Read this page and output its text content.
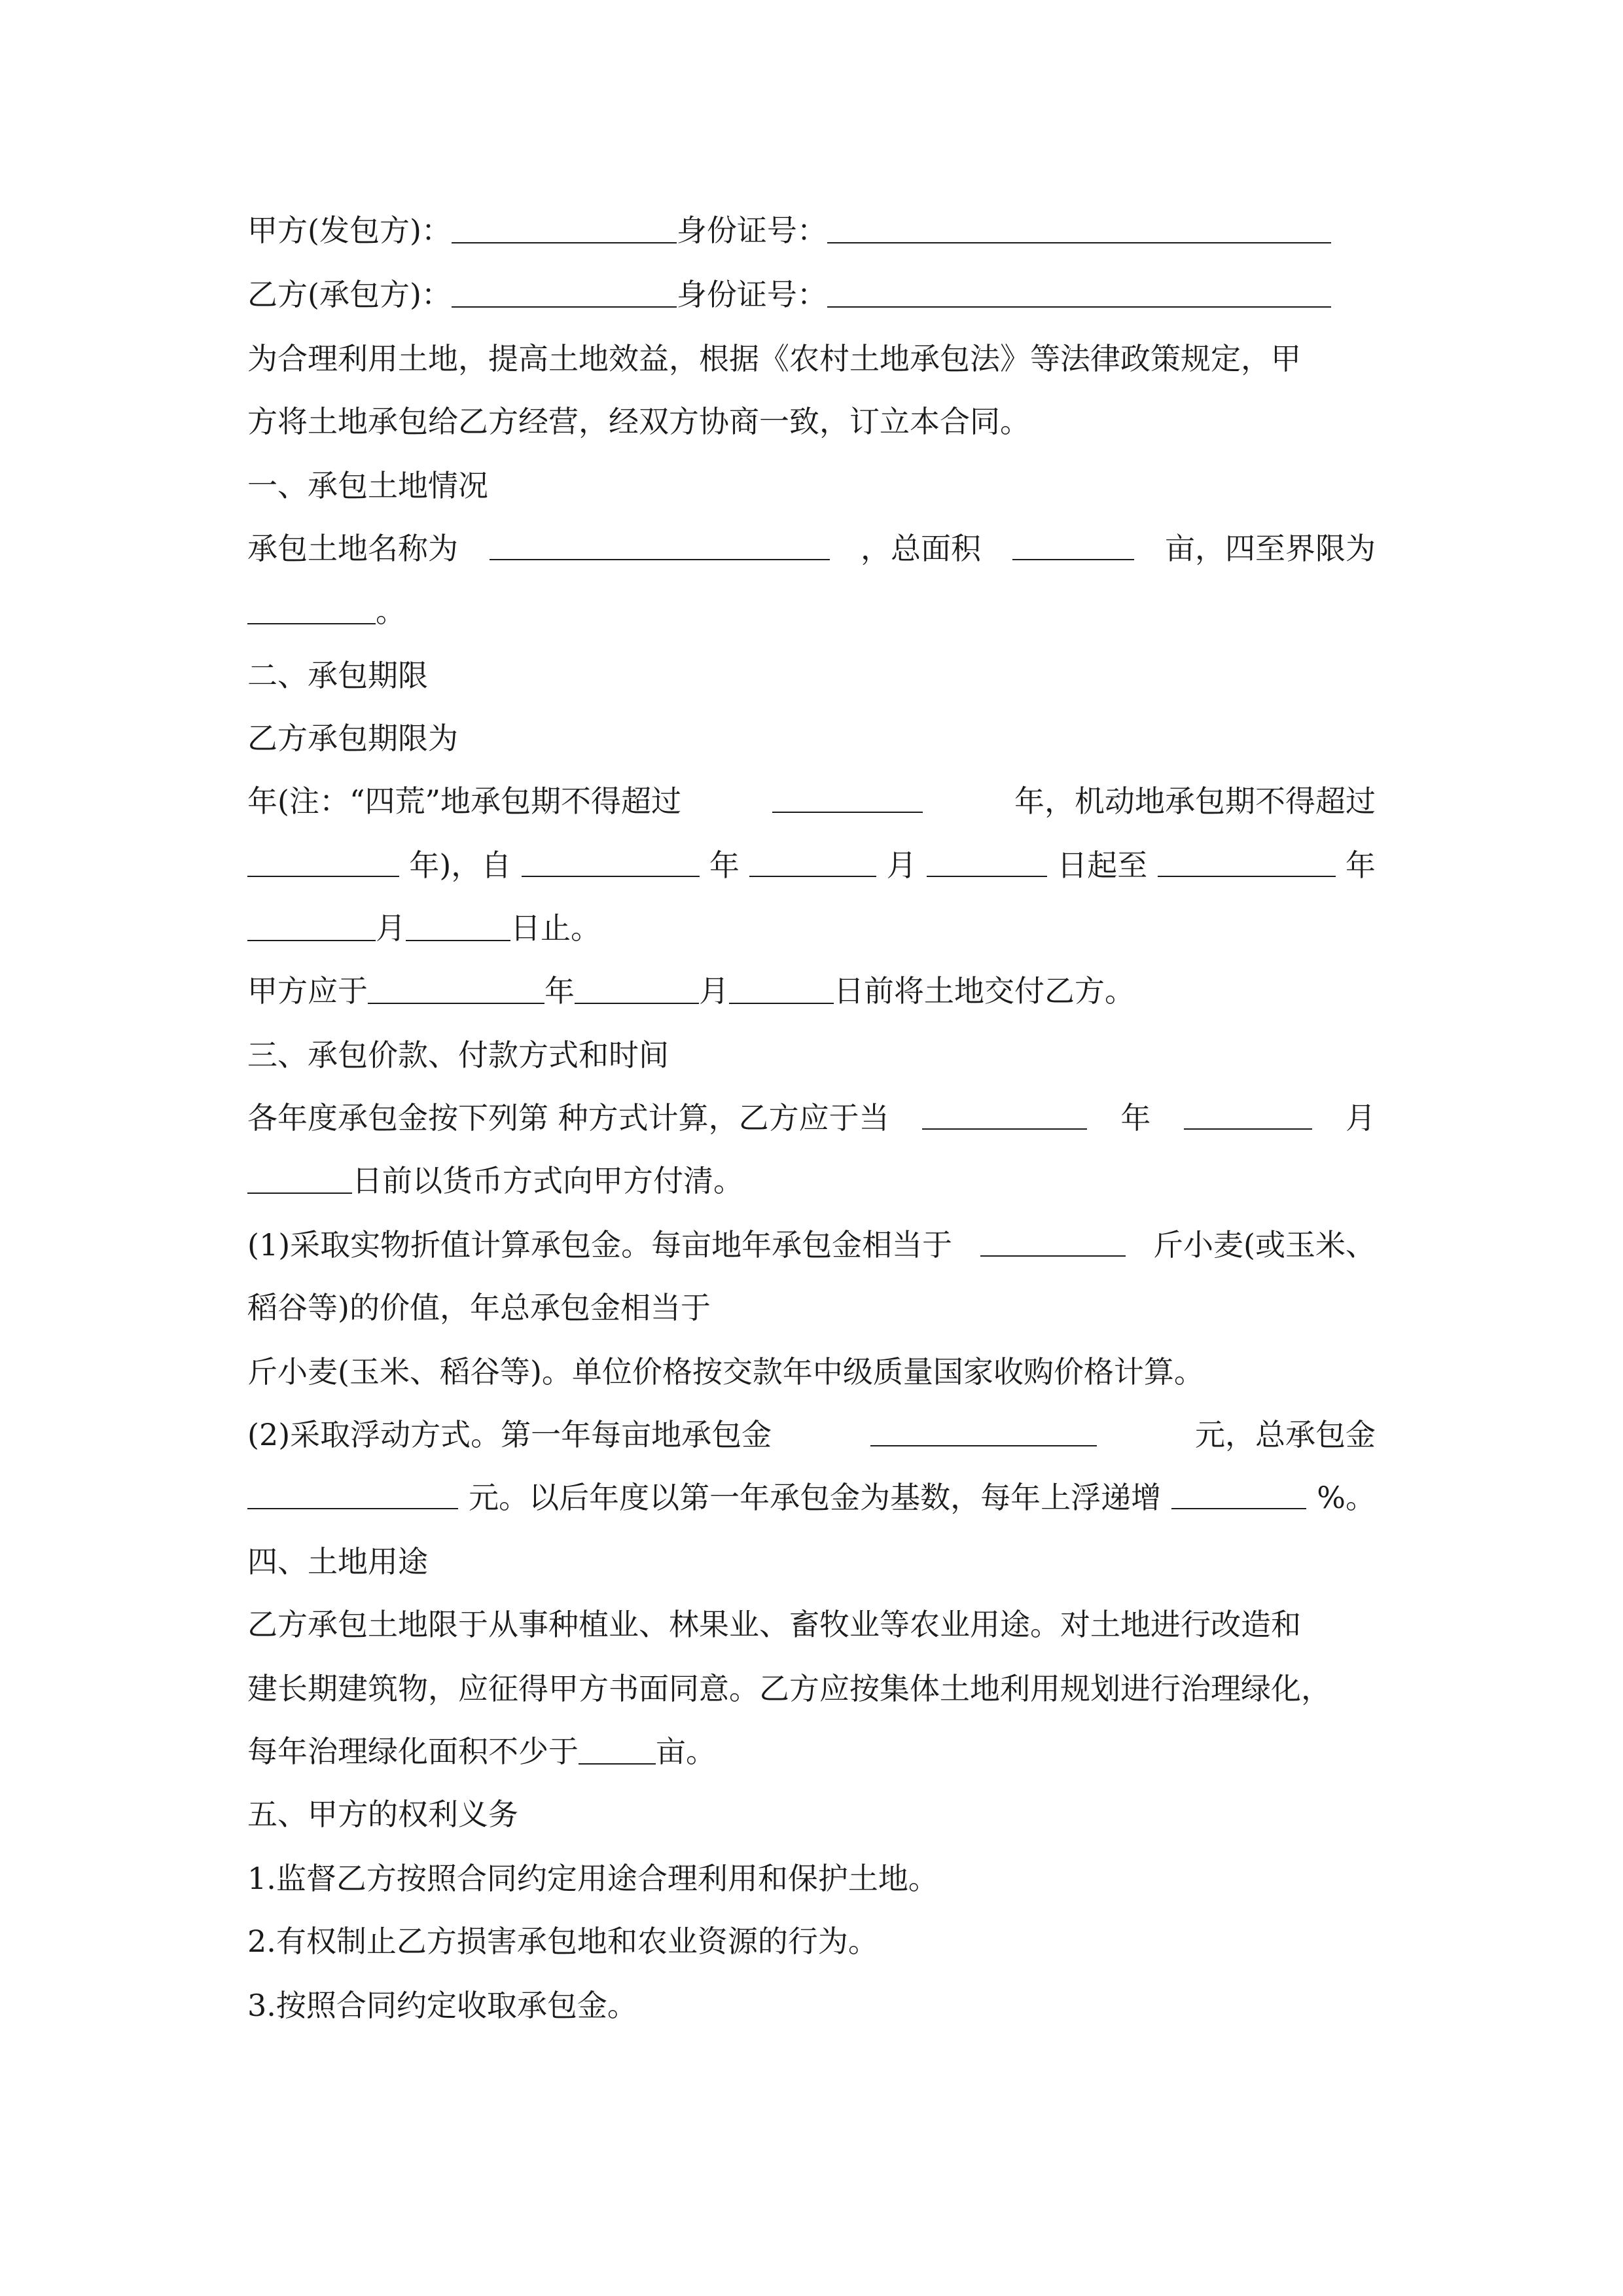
甲方(发包方)：	身份证号：
乙方(承包方)：	身份证号：
为合理利用土地，提高土地效益，根据《农村土地承包法》等法律政策规定，甲
方将土地承包给乙方经营，经双方协商一致，订立本合同。
一、承包土地情况
承包土地名称为	，总面积	亩，四至界限为
。
二、承包期限
乙方承包期限为
年(注：“四荒”地承包期不得超过	年，机动地承包期不得超过
年)，自	年	月	日起至	年
月	日止。
甲方应于	年	月	日前将土地交付乙方。
三、承包价款、付款方式和时间
各年度承包金按下列第 种方式计算，乙方应于当	年	月
日前以货币方式向甲方付清。
(1)采取实物折值计算承包金。每亩地年承包金相当于	斤小麦(或玉米、
稻谷等)的价值，年总承包金相当于
斤小麦(玉米、稻谷等)。单位价格按交款年中级质量国家收购价格计算。
(2)采取浮动方式。第一年每亩地承包金	元，总承包金
元。以后年度以第一年承包金为基数，每年上浮递增	%。
四、土地用途
乙方承包土地限于从事种植业、林果业、畜牧业等农业用途。对土地进行改造和
建长期建筑物，应征得甲方书面同意。乙方应按集体土地利用规划进行治理绿化，
每年治理绿化面积不少于	亩。
五、甲方的权利义务
1.监督乙方按照合同约定用途合理利用和保护土地。
2.有权制止乙方损害承包地和农业资源的行为。
3.按照合同约定收取承包金。
